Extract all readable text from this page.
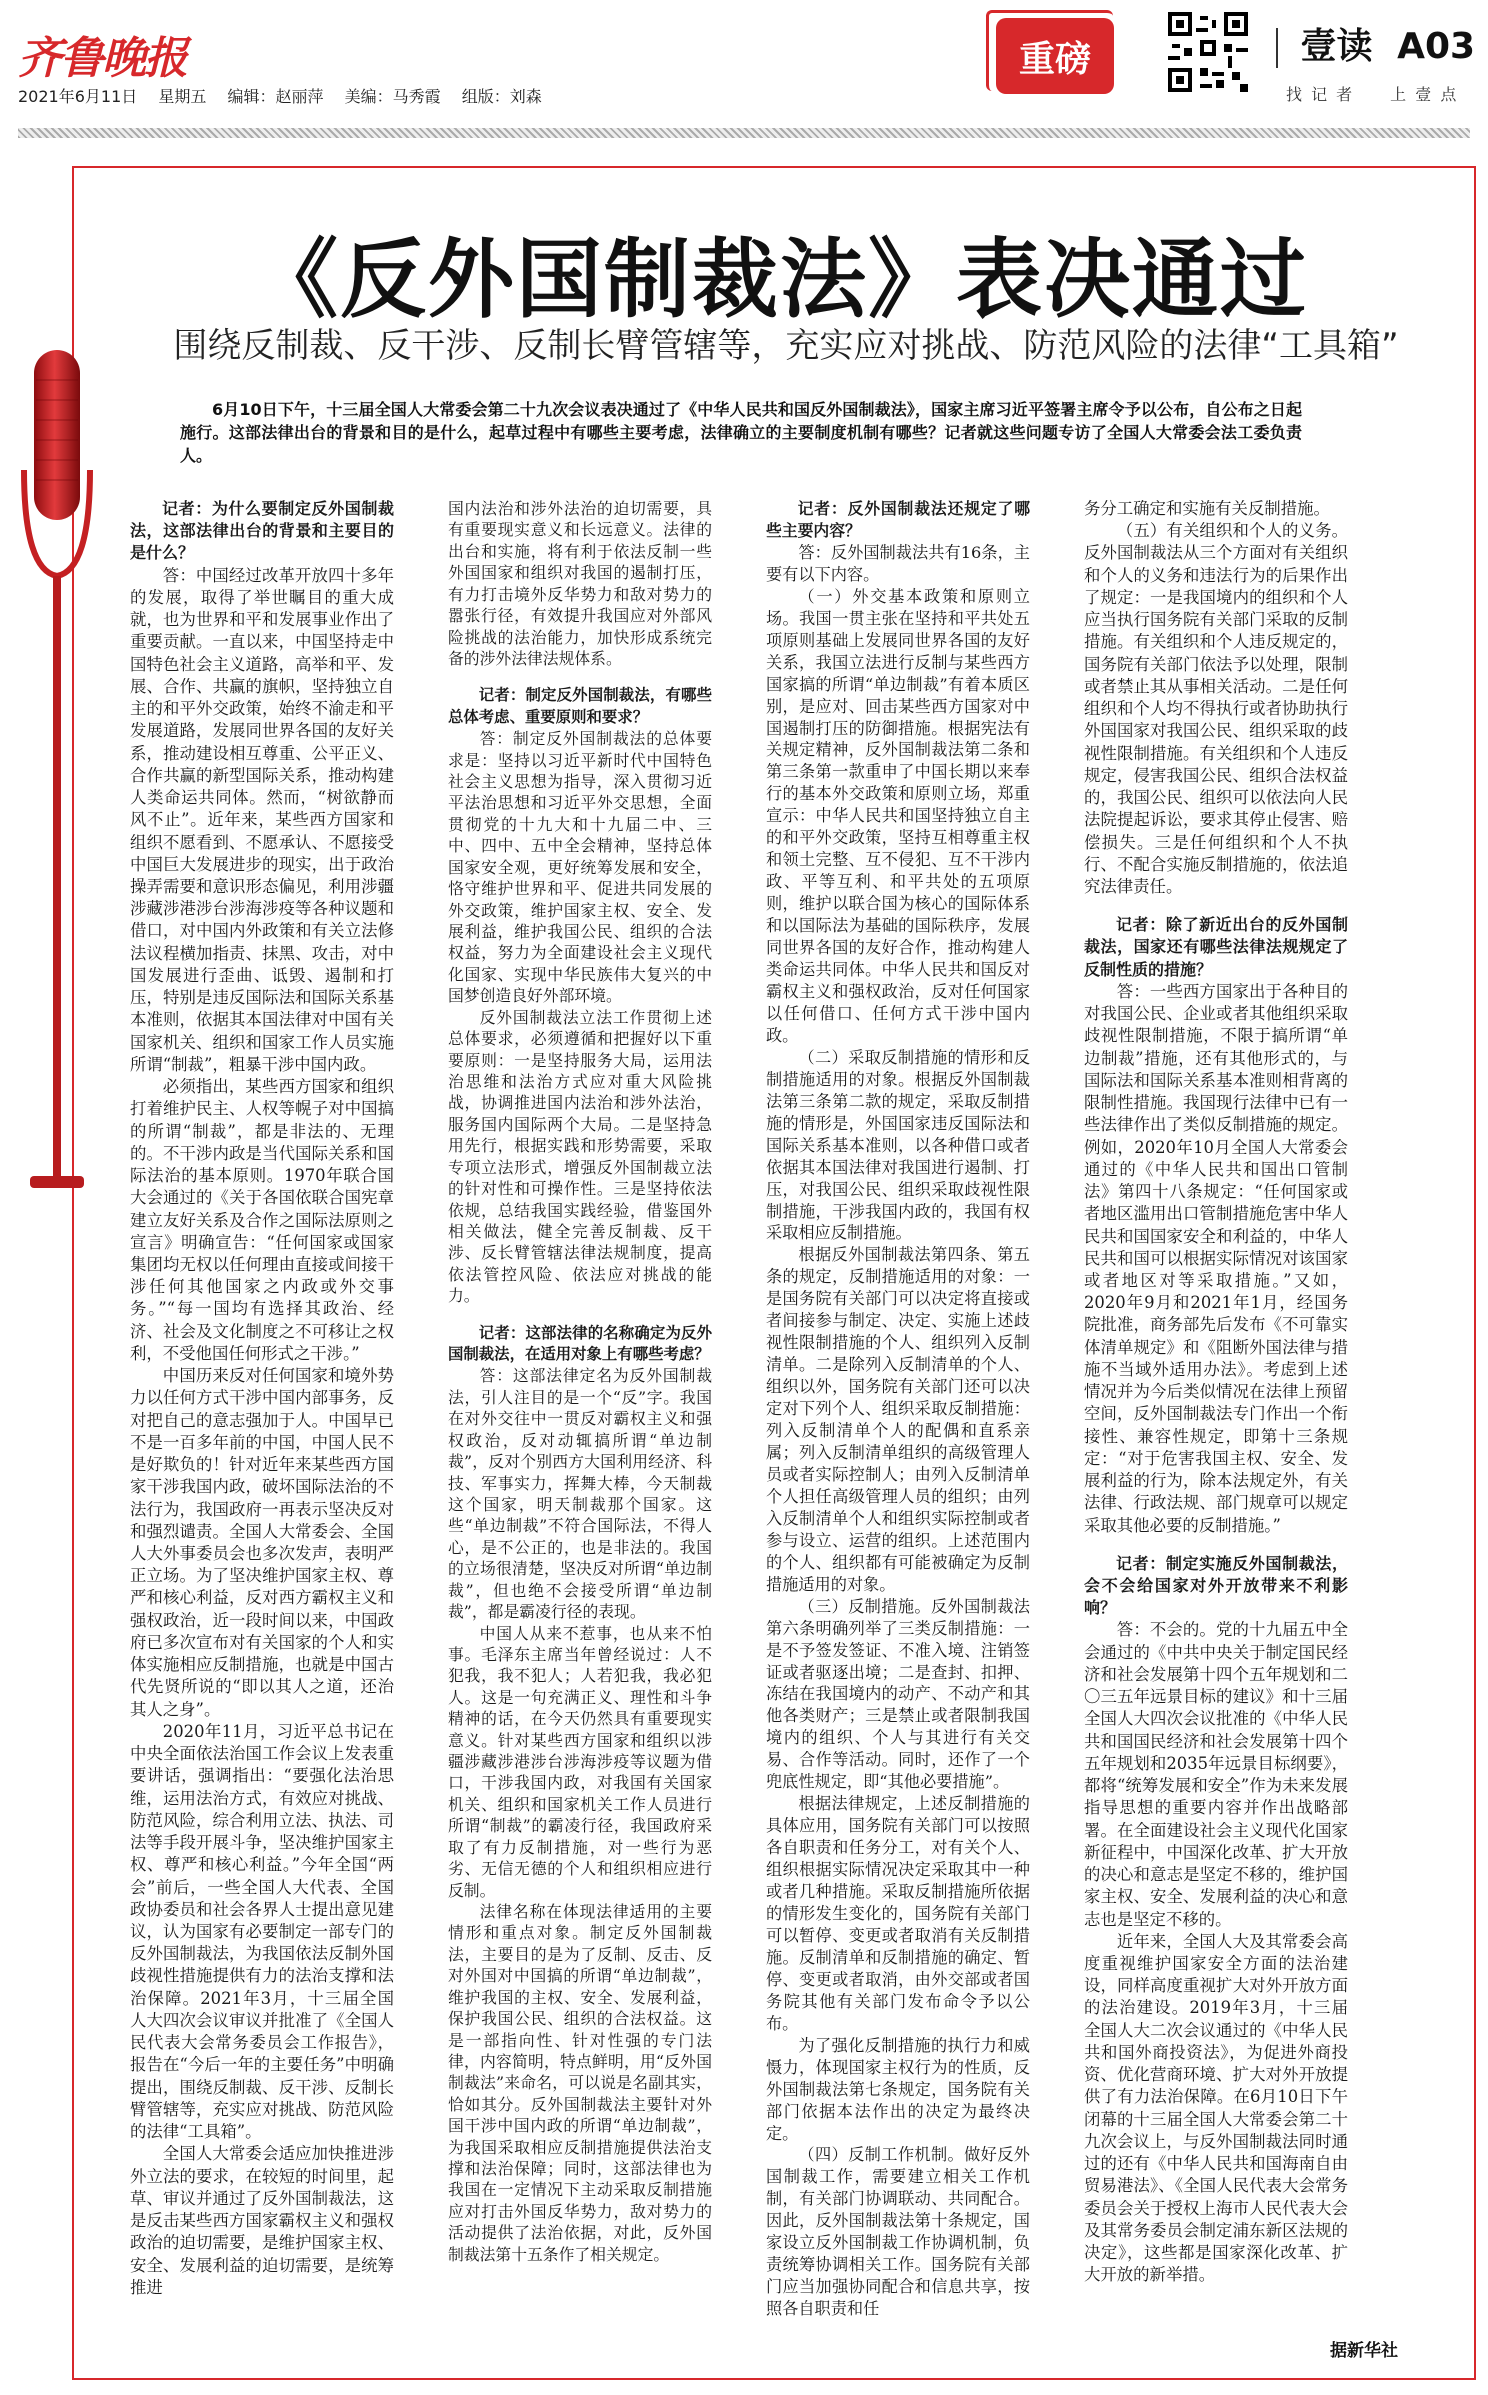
齐鲁晚报
2021年6月11日 星期五 编辑：赵丽萍 美编：马秀霞 组版：刘森
重磅	壹读 A03
找 记 者　　上 壹 点
《反外国制裁法》表决通过
围绕反制裁、反干涉、反制长臂管辖等，充实应对挑战、防范风险的法律“工具箱”
6月10日下午，十三届全国人大常委会第二十九次会议表决通过了《中华人民共和国反外国制裁法》，国家主席习近平签署主席令予以公布，自公布之日起施行。这部法律出台的背景和目的是什么，起草过程中有哪些主要考虑，法律确立的主要制度机制有哪些？记者就这些问题专访了全国人大常委会法工委负责人。

记者：为什么要制定反外国制裁法，这部法律出台的背景和主要目的是什么？

答：中国经过改革开放四十多年的发展，取得了举世瞩目的重大成就，也为世界和平和发展事业作出了重要贡献。一直以来，中国坚持走中国特色社会主义道路，高举和平、发展、合作、共赢的旗帜，坚持独立自主的和平外交政策，始终不渝走和平发展道路，发展同世界各国的友好关系，推动建设相互尊重、公平正义、合作共赢的新型国际关系，推动构建人类命运共同体。然而，“树欲静而风不止”。近年来，某些西方国家和组织不愿看到、不愿承认、不愿接受中国巨大发展进步的现实，出于政治操弄需要和意识形态偏见，利用涉疆涉藏涉港涉台涉海涉疫等各种议题和借口，对中国内外政策和有关立法修法议程横加指责、抹黑、攻击，对中国发展进行歪曲、诋毁、遏制和打压，特别是违反国际法和国际关系基本准则，依据其本国法律对中国有关国家机关、组织和国家工作人员实施所谓“制裁”，粗暴干涉中国内政。

必须指出，某些西方国家和组织打着维护民主、人权等幌子对中国搞的所谓“制裁”，都是非法的、无理的。不干涉内政是当代国际关系和国际法治的基本原则。1970年联合国大会通过的《关于各国依联合国宪章建立友好关系及合作之国际法原则之宣言》明确宣告：“任何国家或国家集团均无权以任何理由直接或间接干涉任何其他国家之内政或外交事务。”“每一国均有选择其政治、经济、社会及文化制度之不可移让之权利，不受他国任何形式之干涉。”

中国历来反对任何国家和境外势力以任何方式干涉中国内部事务，反对把自己的意志强加于人。中国早已不是一百多年前的中国，中国人民不是好欺负的！针对近年来某些西方国家干涉我国内政，破坏国际法治的不法行为，我国政府一再表示坚决反对和强烈谴责。全国人大常委会、全国人大外事委员会也多次发声，表明严正立场。为了坚决维护国家主权、尊严和核心利益，反对西方霸权主义和强权政治，近一段时间以来，中国政府已多次宣布对有关国家的个人和实体实施相应反制措施，也就是中国古代先贤所说的“即以其人之道，还治其人之身”。

2020年11月，习近平总书记在中央全面依法治国工作会议上发表重要讲话，强调指出：“要强化法治思维，运用法治方式，有效应对挑战、防范风险，综合利用立法、执法、司法等手段开展斗争，坚决维护国家主权、尊严和核心利益。”今年全国“两会”前后，一些全国人大代表、全国政协委员和社会各界人士提出意见建议，认为国家有必要制定一部专门的反外国制裁法，为我国依法反制外国歧视性措施提供有力的法治支撑和法治保障。2021年3月，十三届全国人大四次会议审议并批准了《全国人民代表大会常务委员会工作报告》，报告在“今后一年的主要任务”中明确提出，围绕反制裁、反干涉、反制长臂管辖等，充实应对挑战、防范风险的法律“工具箱”。

全国人大常委会适应加快推进涉外立法的要求，在较短的时间里，起草、审议并通过了反外国制裁法，这是反击某些西方国家霸权主义和强权政治的迫切需要，是维护国家主权、安全、发展利益的迫切需要，是统筹推进

国内法治和涉外法治的迫切需要，具有重要现实意义和长远意义。法律的出台和实施，将有利于依法反制一些外国国家和组织对我国的遏制打压，有力打击境外反华势力和敌对势力的嚣张行径，有效提升我国应对外部风险挑战的法治能力，加快形成系统完备的涉外法律法规体系。

记者：制定反外国制裁法，有哪些总体考虑、重要原则和要求？

答：制定反外国制裁法的总体要求是：坚持以习近平新时代中国特色社会主义思想为指导，深入贯彻习近平法治思想和习近平外交思想，全面贯彻党的十九大和十九届二中、三中、四中、五中全会精神，坚持总体国家安全观，更好统筹发展和安全，恪守维护世界和平、促进共同发展的外交政策，维护国家主权、安全、发展利益，维护我国公民、组织的合法权益，努力为全面建设社会主义现代化国家、实现中华民族伟大复兴的中国梦创造良好外部环境。

反外国制裁法立法工作贯彻上述总体要求，必须遵循和把握好以下重要原则：一是坚持服务大局，运用法治思维和法治方式应对重大风险挑战，协调推进国内法治和涉外法治，服务国内国际两个大局。二是坚持急用先行，根据实践和形势需要，采取专项立法形式，增强反外国制裁立法的针对性和可操作性。三是坚持依法依规，总结我国实践经验，借鉴国外相关做法，健全完善反制裁、反干涉、反长臂管辖法律法规制度，提高依法管控风险、依法应对挑战的能力。

记者：这部法律的名称确定为反外国制裁法，在适用对象上有哪些考虑？

答：这部法律定名为反外国制裁法，引人注目的是一个“反”字。我国在对外交往中一贯反对霸权主义和强权政治，反对动辄搞所谓“单边制裁”，反对个别西方大国利用经济、科技、军事实力，挥舞大棒，今天制裁这个国家，明天制裁那个国家。这些“单边制裁”不符合国际法，不得人心，是不公正的，也是非法的。我国的立场很清楚，坚决反对所谓“单边制裁”，但也绝不会接受所谓“单边制裁”，都是霸凌行径的表现。

中国人从来不惹事，也从来不怕事。毛泽东主席当年曾经说过：人不犯我，我不犯人；人若犯我，我必犯人。这是一句充满正义、理性和斗争精神的话，在今天仍然具有重要现实意义。针对某些西方国家和组织以涉疆涉藏涉港涉台涉海涉疫等议题为借口，干涉我国内政，对我国有关国家机关、组织和国家机关工作人员进行所谓“制裁”的霸凌行径，我国政府采取了有力反制措施，对一些行为恶劣、无信无德的个人和组织相应进行反制。

法律名称在体现法律适用的主要情形和重点对象。制定反外国制裁法，主要目的是为了反制、反击、反对外国对中国搞的所谓“单边制裁”，维护我国的主权、安全、发展利益，保护我国公民、组织的合法权益。这是一部指向性、针对性强的专门法律，内容简明，特点鲜明，用“反外国制裁法”来命名，可以说是名副其实，恰如其分。反外国制裁法主要针对外国干涉中国内政的所谓“单边制裁”，为我国采取相应反制措施提供法治支撑和法治保障；同时，这部法律也为我国在一定情况下主动采取反制措施应对打击外国反华势力，敌对势力的活动提供了法治依据，对此，反外国制裁法第十五条作了相关规定。

记者：反外国制裁法还规定了哪些主要内容？

答：反外国制裁法共有16条，主要有以下内容。

（一）外交基本政策和原则立场。我国一贯主张在坚持和平共处五项原则基础上发展同世界各国的友好关系，我国立法进行反制与某些西方国家搞的所谓“单边制裁”有着本质区别，是应对、回击某些西方国家对中国遏制打压的防御措施。根据宪法有关规定精神，反外国制裁法第二条和第三条第一款重申了中国长期以来奉行的基本外交政策和原则立场，郑重宣示：中华人民共和国坚持独立自主的和平外交政策，坚持互相尊重主权和领土完整、互不侵犯、互不干涉内政、平等互利、和平共处的五项原则，维护以联合国为核心的国际体系和以国际法为基础的国际秩序，发展同世界各国的友好合作，推动构建人类命运共同体。中华人民共和国反对霸权主义和强权政治，反对任何国家以任何借口、任何方式干涉中国内政。

（二）采取反制措施的情形和反制措施适用的对象。根据反外国制裁法第三条第二款的规定，采取反制措施的情形是，外国国家违反国际法和国际关系基本准则，以各种借口或者依据其本国法律对我国进行遏制、打压，对我国公民、组织采取歧视性限制措施，干涉我国内政的，我国有权采取相应反制措施。

根据反外国制裁法第四条、第五条的规定，反制措施适用的对象：一是国务院有关部门可以决定将直接或者间接参与制定、决定、实施上述歧视性限制措施的个人、组织列入反制清单。二是除列入反制清单的个人、组织以外，国务院有关部门还可以决定对下列个人、组织采取反制措施：列入反制清单个人的配偶和直系亲属；列入反制清单组织的高级管理人员或者实际控制人；由列入反制清单个人担任高级管理人员的组织；由列入反制清单个人和组织实际控制或者参与设立、运营的组织。上述范围内的个人、组织都有可能被确定为反制措施适用的对象。

（三）反制措施。反外国制裁法第六条明确列举了三类反制措施：一是不予签发签证、不准入境、注销签证或者驱逐出境；二是查封、扣押、冻结在我国境内的动产、不动产和其他各类财产；三是禁止或者限制我国境内的组织、个人与其进行有关交易、合作等活动。同时，还作了一个兜底性规定，即“其他必要措施”。

根据法律规定，上述反制措施的具体应用，国务院有关部门可以按照各自职责和任务分工，对有关个人、组织根据实际情况决定采取其中一种或者几种措施。采取反制措施所依据的情形发生变化的，国务院有关部门可以暂停、变更或者取消有关反制措施。反制清单和反制措施的确定、暂停、变更或者取消，由外交部或者国务院其他有关部门发布命令予以公布。

为了强化反制措施的执行力和威慑力，体现国家主权行为的性质，反外国制裁法第七条规定，国务院有关部门依据本法作出的决定为最终决定。

（四）反制工作机制。做好反外国制裁工作，需要建立相关工作机制，有关部门协调联动、共同配合。因此，反外国制裁法第十条规定，国家设立反外国制裁工作协调机制，负责统筹协调相关工作。国务院有关部门应当加强协同配合和信息共享，按照各自职责和任

务分工确定和实施有关反制措施。

（五）有关组织和个人的义务。反外国制裁法从三个方面对有关组织和个人的义务和违法行为的后果作出了规定：一是我国境内的组织和个人应当执行国务院有关部门采取的反制措施。有关组织和个人违反规定的，国务院有关部门依法予以处理，限制或者禁止其从事相关活动。二是任何组织和个人均不得执行或者协助执行外国国家对我国公民、组织采取的歧视性限制措施。有关组织和个人违反规定，侵害我国公民、组织合法权益的，我国公民、组织可以依法向人民法院提起诉讼，要求其停止侵害、赔偿损失。三是任何组织和个人不执行、不配合实施反制措施的，依法追究法律责任。

记者：除了新近出台的反外国制裁法，国家还有哪些法律法规规定了反制性质的措施？

答：一些西方国家出于各种目的对我国公民、企业或者其他组织采取歧视性限制措施，不限于搞所谓“单边制裁”措施，还有其他形式的，与国际法和国际关系基本准则相背离的限制性措施。我国现行法律中已有一些法律作出了类似反制措施的规定。例如，2020年10月全国人大常委会通过的《中华人民共和国出口管制法》第四十八条规定：“任何国家或者地区滥用出口管制措施危害中华人民共和国国家安全和利益的，中华人民共和国可以根据实际情况对该国家或者地区对等采取措施。”又如，2020年9月和2021年1月，经国务院批准，商务部先后发布《不可靠实体清单规定》和《阻断外国法律与措施不当域外适用办法》。考虑到上述情况并为今后类似情况在法律上预留空间，反外国制裁法专门作出一个衔接性、兼容性规定，即第十三条规定：“对于危害我国主权、安全、发展利益的行为，除本法规定外，有关法律、行政法规、部门规章可以规定采取其他必要的反制措施。”

记者：制定实施反外国制裁法，会不会给国家对外开放带来不利影响？

答：不会的。党的十九届五中全会通过的《中共中央关于制定国民经济和社会发展第十四个五年规划和二〇三五年远景目标的建议》和十三届全国人大四次会议批准的《中华人民共和国国民经济和社会发展第十四个五年规划和2035年远景目标纲要》，都将“统筹发展和安全”作为未来发展指导思想的重要内容并作出战略部署。在全面建设社会主义现代化国家新征程中，中国深化改革、扩大开放的决心和意志是坚定不移的，维护国家主权、安全、发展利益的决心和意志也是坚定不移的。

近年来，全国人大及其常委会高度重视维护国家安全方面的法治建设，同样高度重视扩大对外开放方面的法治建设。2019年3月，十三届全国人大二次会议通过的《中华人民共和国外商投资法》，为促进外商投资、优化营商环境、扩大对外开放提供了有力法治保障。在6月10日下午闭幕的十三届全国人大常委会第二十九次会议上，与反外国制裁法同时通过的还有《中华人民共和国海南自由贸易港法》、《全国人民代表大会常务委员会关于授权上海市人民代表大会及其常务委员会制定浦东新区法规的决定》，这些都是国家深化改革、扩大开放的新举措。

据新华社
